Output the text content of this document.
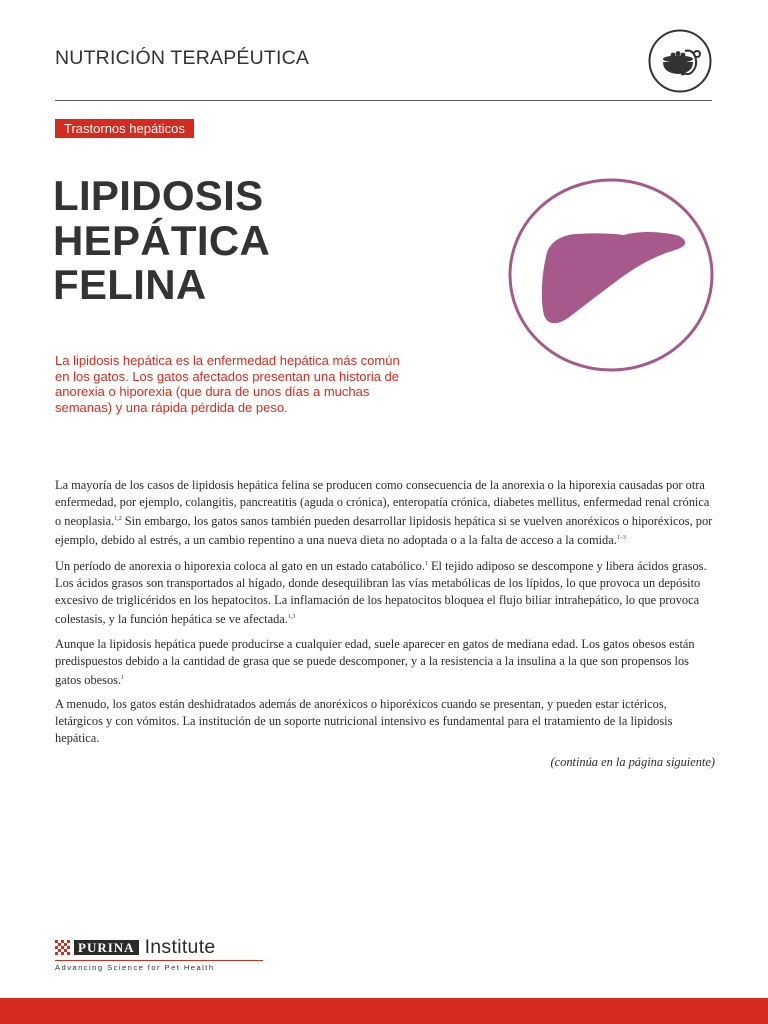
NUTRICIÓN TERAPÉUTICA
Trastornos hepáticos
LIPIDOSIS
HEPÁTICA
FELINA

La lipidosis hepática es la enfermedad hepática más común en los gatos. Los gatos afectados presentan una historia de anorexia o hiporexia (que dura de unos días a muchas semanas) y una rápida pérdida de peso.

La mayoría de los casos de lipidosis hepática felina se producen como consecuencia de la anorexia o la hiporexia causadas por otra enfermedad, por ejemplo, colangitis, pancreatitis (aguda o crónica), enteropatía crónica, diabetes mellitus, enfermedad renal crónica o neoplasia.$^{1,2}$ Sin embargo, los gatos sanos también pueden desarrollar lipidosis hepática si se vuelven anoréxicos o hiporéxicos, por ejemplo, debido al estrés, a un cambio repentino a una nueva dieta no adoptada o a la falta de acceso a la comida.$^{1-3}$

Un período de anorexia o hiporexia coloca al gato en un estado catabólico.$^1$ El tejido adiposo se descompone y libera ácidos grasos. Los ácidos grasos son transportados al hígado, donde desequilibran las vías metabólicas de los lípidos, lo que provoca un depósito excesivo de triglicéridos en los hepatocitos. La inflamación de los hepatocitos bloquea el flujo biliar intrahepático, lo que provoca colestasis, y la función hepática se ve afectada.$^{1,3}$

Aunque la lipidosis hepática puede producirse a cualquier edad, suele aparecer en gatos de mediana edad. Los gatos obesos están predispuestos debido a la cantidad de grasa que se puede descomponer, y a la resistencia a la insulina a la que son propensos los gatos obesos.$^1$

A menudo, los gatos están deshidratados además de anoréxicos o hiporéxicos cuando se presentan, y pueden estar ictéricos, letárgicos y con vómitos. La institución de un soporte nutricional intensivo es fundamental para el tratamiento de la lipidosis hepática.

(continúa en la página siguiente)

PURINA Institute
Advancing Science for Pet Health
